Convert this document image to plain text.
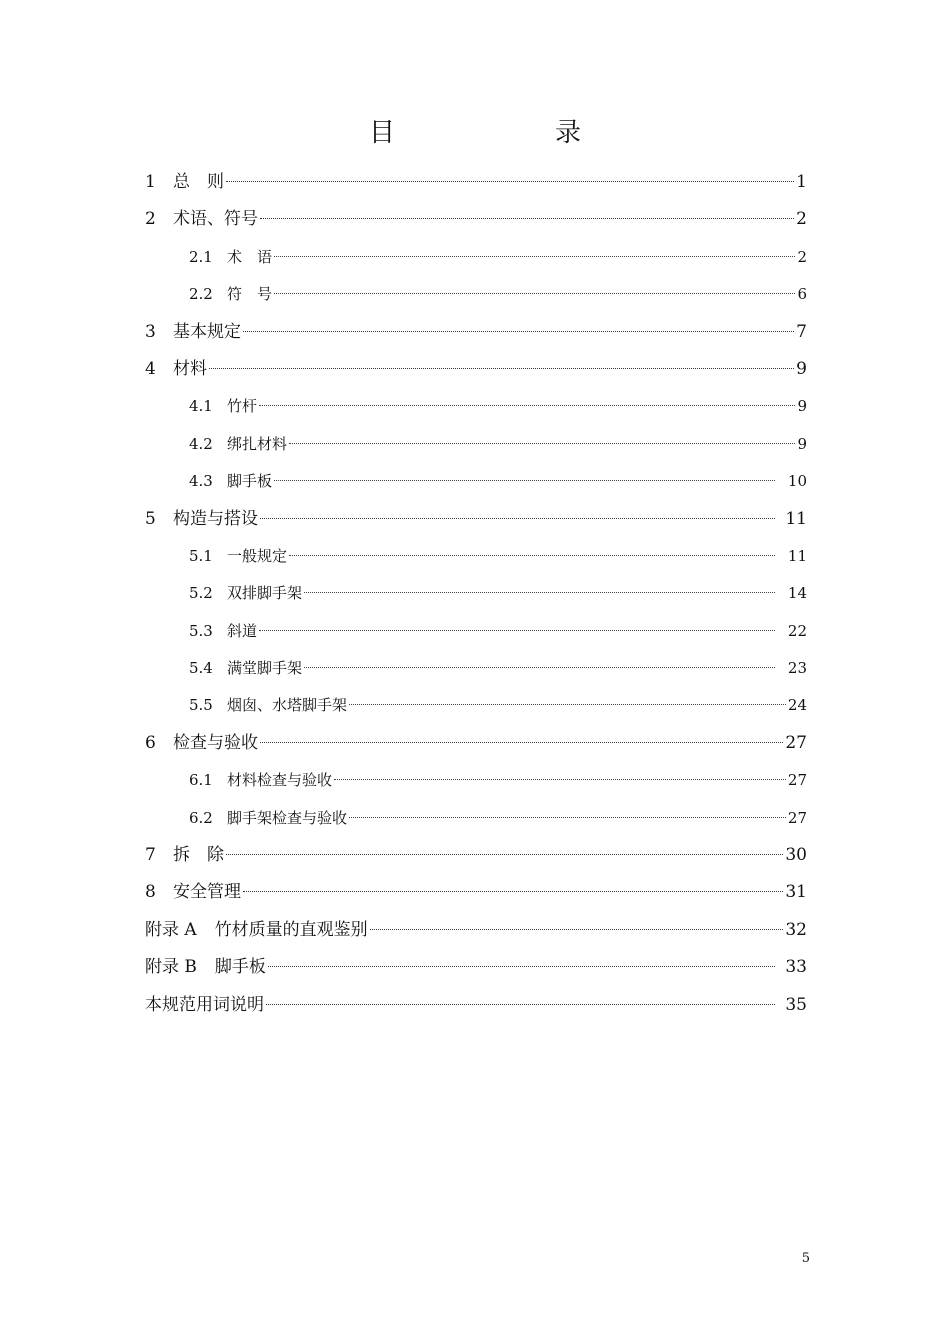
目　　录
1	总　则	1
2	术语、符号	2
2.1 术　语	2
2.2 符　号	6
3	基本规定	7
4	材料	9
4.1 竹杆	9
4.2 绑扎材料	9
4.3 脚手板	10
5	构造与搭设	11
5.1 一般规定	11
5.2 双排脚手架	14
5.3 斜道	22
5.4 满堂脚手架	23
5.5 烟囱、水塔脚手架	24
6	检查与验收	27
6.1 材料检查与验收	27
6.2 脚手架检查与验收	27
7	拆　除	30
8	安全管理	31
附录 A 竹材质量的直观鉴别	32
附录 B 脚手板	33
本规范用词说明	35
5
